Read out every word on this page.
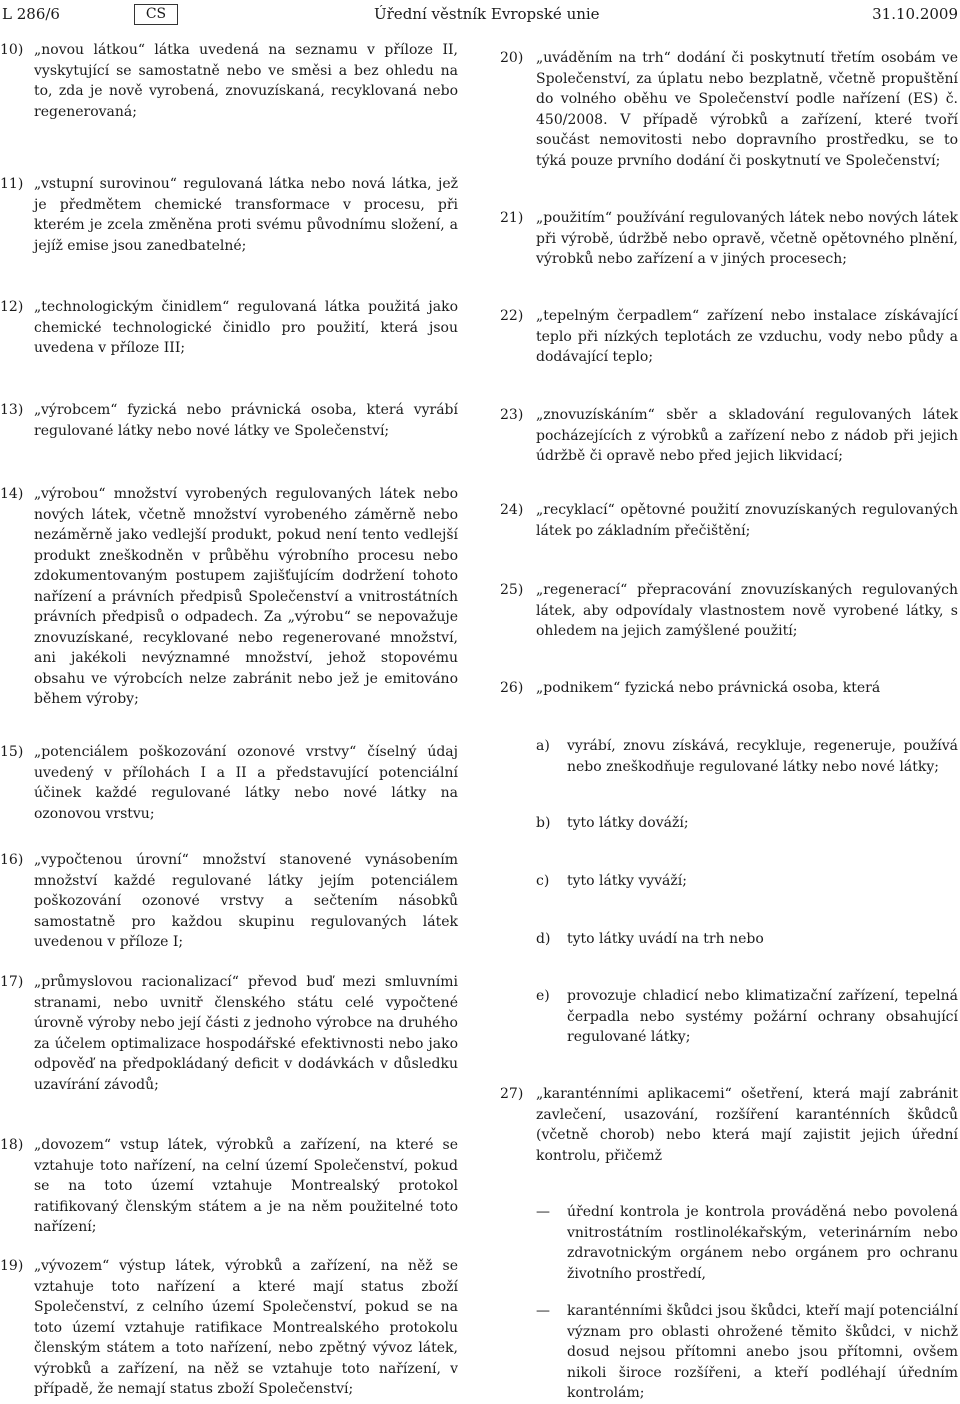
L 286/6	CS	Úřední věstník Evropské unie	31.10.2009
10) „novou látkou“ látka uvedená na seznamu v příloze II, vyskytující se samostatně nebo ve směsi a bez ohledu na to, zda je nově vyrobená, znovuzískaná, recyklovaná nebo regenerovaná;
11) „vstupní surovinou“ regulovaná látka nebo nová látka, jež je předmětem chemické transformace v procesu, při kterém je zcela změněna proti svému původnímu složení, a jejíž emise jsou zanedbatelné;
12) „technologickým činidlem“ regulovaná látka použitá jako chemické technologické činidlo pro použití, která jsou uvedena v příloze III;
13) „výrobcem“ fyzická nebo právnická osoba, která vyrábí regulované látky nebo nové látky ve Společenství;
14) „výrobou“ množství vyrobených regulovaných látek nebo nových látek, včetně množství vyrobeného záměrně nebo nezáměrně jako vedlejší produkt, pokud není tento vedlejší produkt zneškodněn v průběhu výrobního procesu nebo zdokumentovaným postupem zajišťujícím dodržení tohoto nařízení a právních předpisů Společenství a vnitrostátních právních předpisů o odpadech. Za „výrobu“ se nepovažuje znovuzískané, recyklované nebo regenerované množství, ani jakékoli nevýznamné množství, jehož stopovému obsahu ve výrobcích nelze zabránit nebo jež je emitováno během výroby;
15) „potenciálem poškozování ozonové vrstvy“ číselný údaj uvedený v přílohách I a II a představující potenciální účinek každé regulované látky nebo nové látky na ozonovou vrstvu;
16) „vypočtenou úrovní“ množství stanovené vynásobením množství každé regulované látky jejím potenciálem poškozování ozonové vrstvy a sečtením násobků samostatně pro každou skupinu regulovaných látek uvedenou v příloze I;
17) „průmyslovou racionalizací“ převod buď mezi smluvními stranami, nebo uvnitř členského státu celé vypočtené úrovně výroby nebo její části z jednoho výrobce na druhého za účelem optimalizace hospodářské efektivnosti nebo jako odpověď na předpokládaný deficit v dodávkách v důsledku uzavírání závodů;
18) „dovozem“ vstup látek, výrobků a zařízení, na které se vztahuje toto nařízení, na celní území Společenství, pokud se na toto území vztahuje Montrealský protokol ratifikovaný členským státem a je na něm použitelné toto nařízení;
19) „vývozem“ výstup látek, výrobků a zařízení, na něž se vztahuje toto nařízení a které mají status zboží Společenství, z celního území Společenství, pokud se na toto území vztahuje ratifikace Montrealského protokolu členským státem a toto nařízení, nebo zpětný vývoz látek, výrobků a zařízení, na něž se vztahuje toto nařízení, v případě, že nemají status zboží Společenství;
20) „uváděním na trh“ dodání či poskytnutí třetím osobám ve Společenství, za úplatu nebo bezplatně, včetně propuštění do volného oběhu ve Společenství podle nařízení (ES) č. 450/2008. V případě výrobků a zařízení, které tvoří součást nemovitosti nebo dopravního prostředku, se to týká pouze prvního dodání či poskytnutí ve Společenství;
21) „použitím“ používání regulovaných látek nebo nových látek při výrobě, údržbě nebo opravě, včetně opětovného plnění, výrobků nebo zařízení a v jiných procesech;
22) „tepelným čerpadlem“ zařízení nebo instalace získávající teplo při nízkých teplotách ze vzduchu, vody nebo půdy a dodávající teplo;
23) „znovuzískáním“ sběr a skladování regulovaných látek pocházejících z výrobků a zařízení nebo z nádob při jejich údržbě či opravě nebo před jejich likvidací;
24) „recyklací“ opětovné použití znovuzískaných regulovaných látek po základním přečištění;
25) „regenerací“ přepracování znovuzískaných regulovaných látek, aby odpovídaly vlastnostem nově vyrobené látky, s ohledem na jejich zamýšlené použití;
26) „podnikem“ fyzická nebo právnická osoba, která
a) vyrábí, znovu získává, recykluje, regeneruje, používá nebo zneškodňuje regulované látky nebo nové látky;
b) tyto látky dováží;
c) tyto látky vyváží;
d) tyto látky uvádí na trh nebo
e) provozuje chladicí nebo klimatizační zařízení, tepelná čerpadla nebo systémy požární ochrany obsahující regulované látky;
27) „karanténními aplikacemi“ ošetření, která mají zabránit zavlečení, usazování, rozšíření karanténních škůdců (včetně chorob) nebo která mají zajistit jejich úřední kontrolu, přičemž
— úřední kontrola je kontrola prováděná nebo povolená vnitrostátním rostlinolékařským, veterinárním nebo zdravotnickým orgánem nebo orgánem pro ochranu životního prostředí,
— karanténními škůdci jsou škůdci, kteří mají potenciální význam pro oblasti ohrožené těmito škůdci, v nichž dosud nejsou přítomni anebo jsou přítomni, ovšem nikoli široce rozšířeni, a kteří podléhají úředním kontrolám;
